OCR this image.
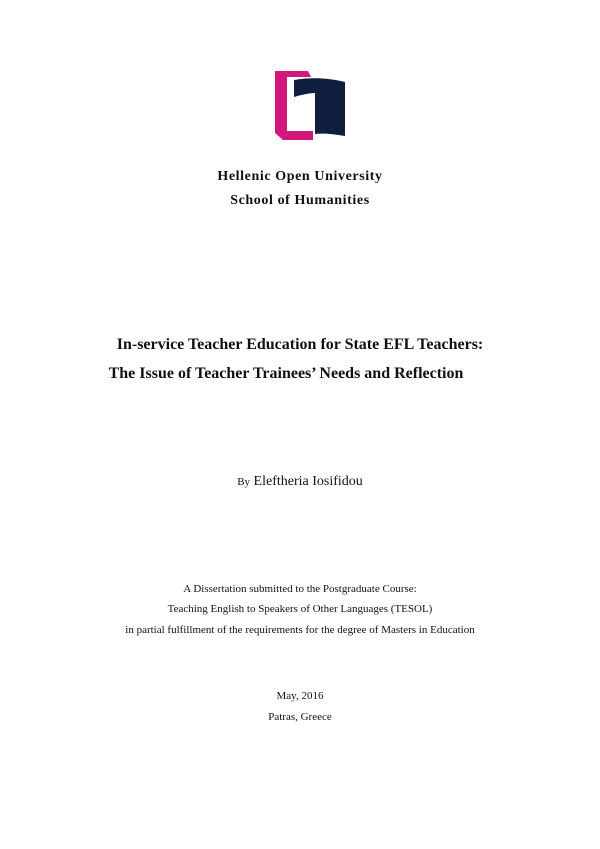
Hellenic Open University
School of Humanities
In-service Teacher Education for State EFL Teachers:
The Issue of Teacher Trainees’ Needs and Reflection
By Eleftheria Iosifidou
A Dissertation submitted to the Postgraduate Course:
Teaching English to Speakers of Other Languages (TESOL)
in partial fulfillment of the requirements for the degree of Masters in Education
May, 2016
Patras, Greece
